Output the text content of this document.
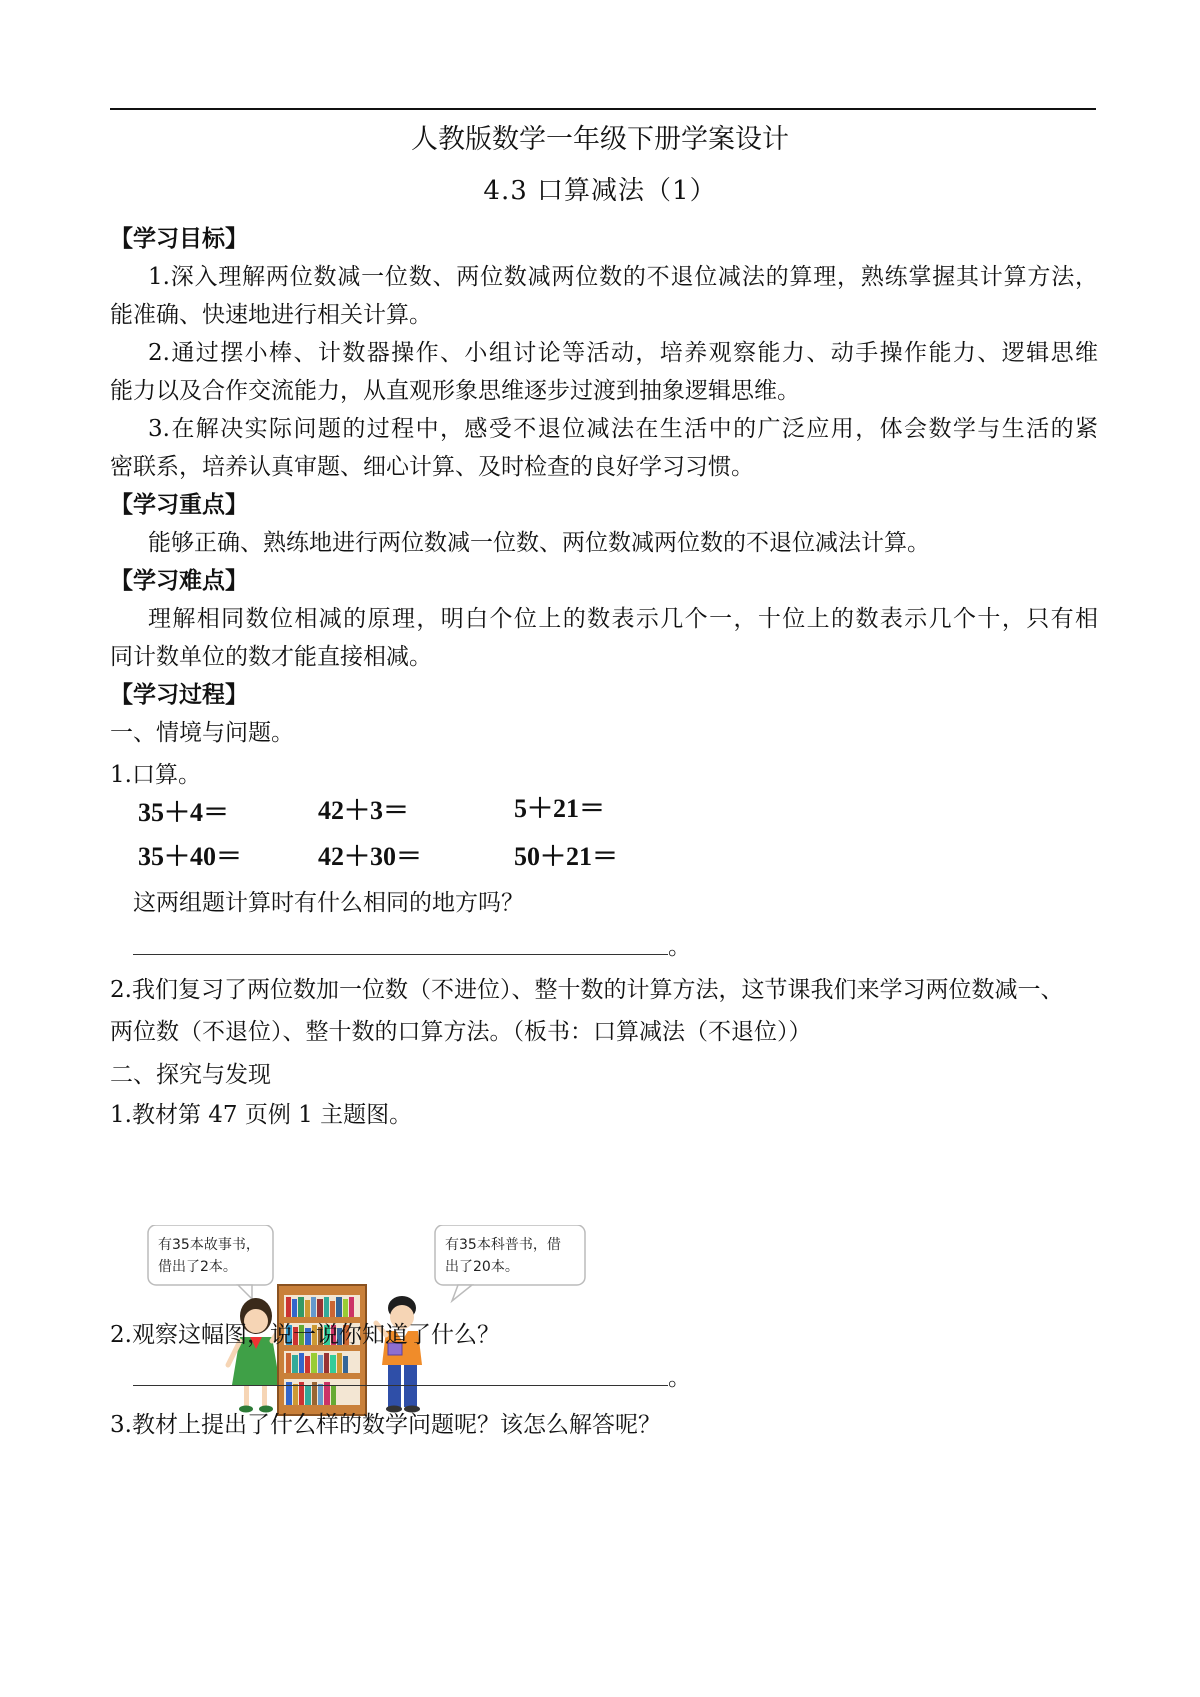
人教版数学一年级下册学案设计
4.3 口算减法（1）
【学习目标】
1.深入理解两位数减一位数、两位数减两位数的不退位减法的算理，熟练掌握其计算方法，
能准确、快速地进行相关计算。
2.通过摆小棒、计数器操作、小组讨论等活动，培养观察能力、动手操作能力、逻辑思维
能力以及合作交流能力，从直观形象思维逐步过渡到抽象逻辑思维。
3.在解决实际问题的过程中，感受不退位减法在生活中的广泛应用，体会数学与生活的紧
密联系，培养认真审题、细心计算、及时检查的良好学习习惯。
【学习重点】
能够正确、熟练地进行两位数减一位数、两位数减两位数的不退位减法计算。
【学习难点】
理解相同数位相减的原理，明白个位上的数表示几个一，十位上的数表示几个十，只有相
同计数单位的数才能直接相减。
【学习过程】
一、情境与问题。
1.口算。
35＋4＝	42＋3＝	5＋21＝
35＋40＝	42＋30＝	50＋21＝
这两组题计算时有什么相同的地方吗？
。
2.我们复习了两位数加一位数（不进位）、整十数的计算方法，这节课我们来学习两位数减一、
两位数（不退位）、整十数的口算方法。（板书：口算减法（不退位））
二、探究与发现
1.教材第 47 页例 1 主题图。
有35本故事书，
借出了2本。
有35本科普书，借
出了20本。
2.观察这幅图，说一说你知道了什么？
。
3.教材上提出了什么样的数学问题呢？该怎么解答呢？
